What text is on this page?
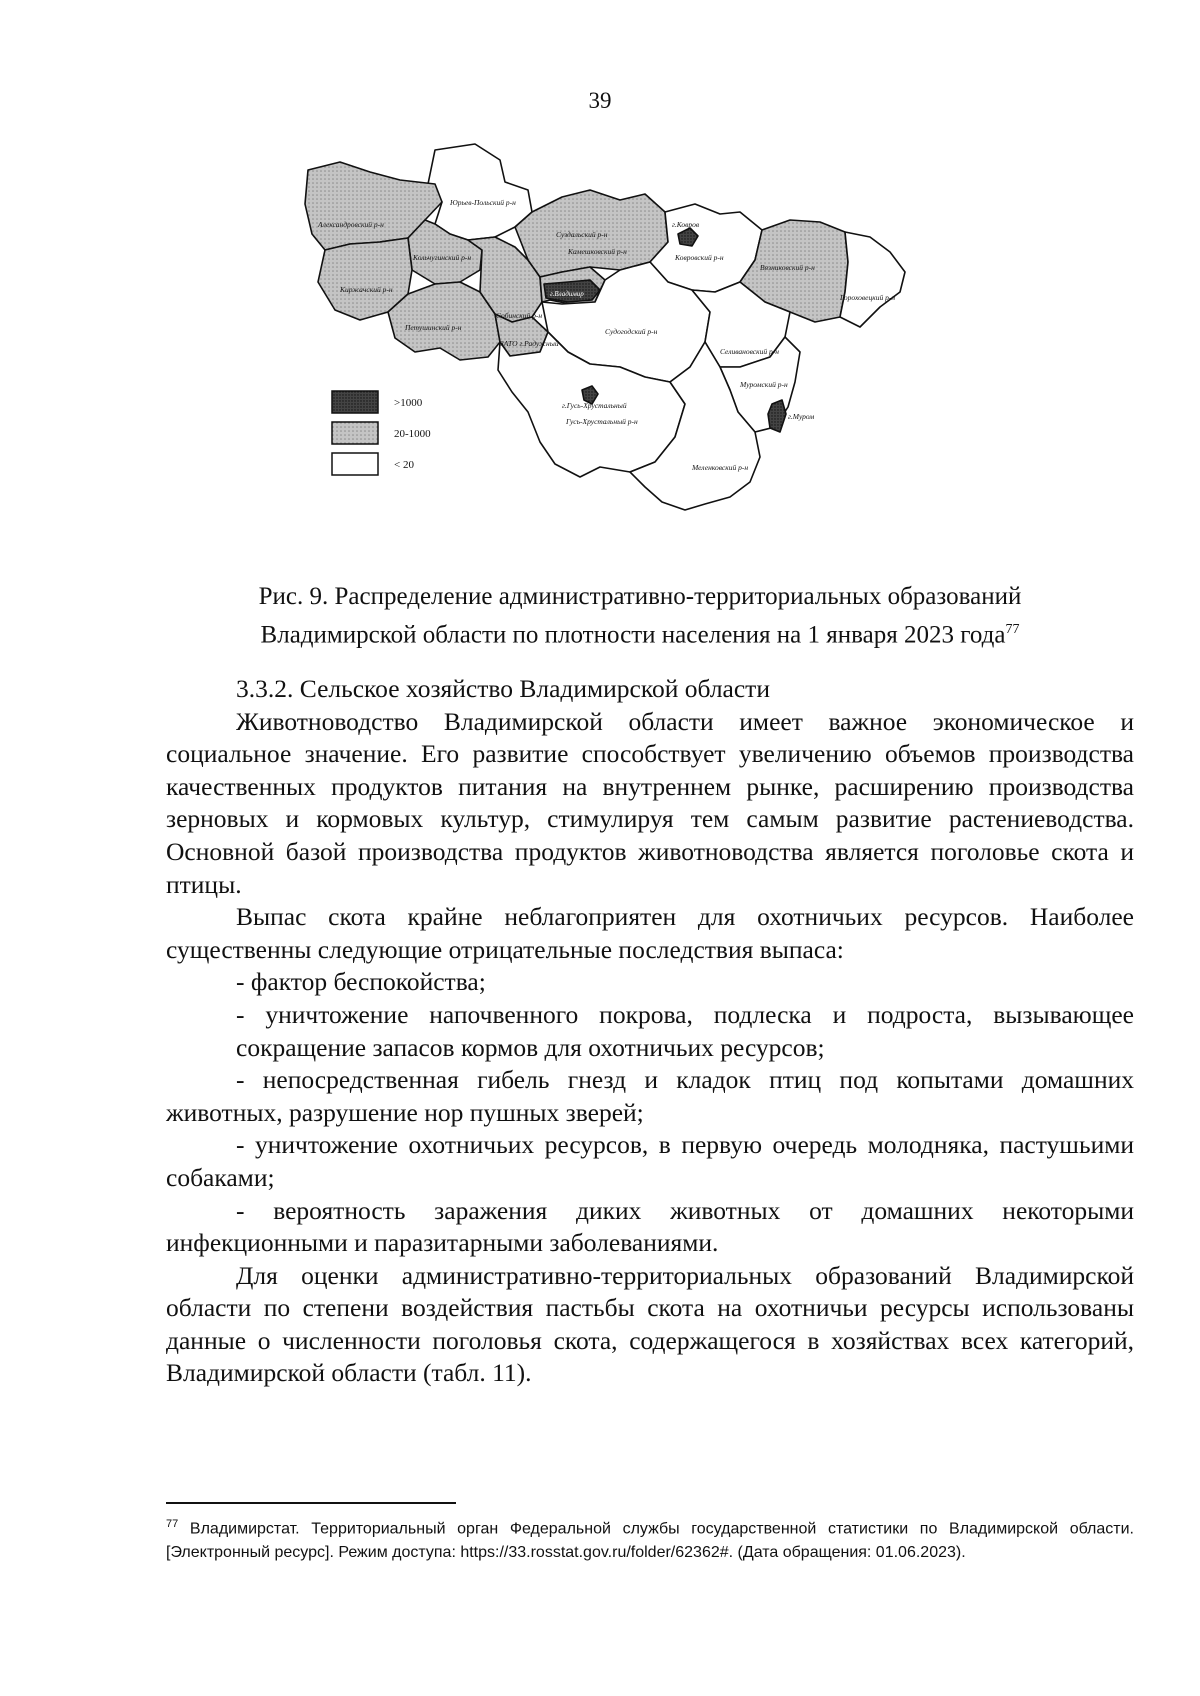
39
Юрьев-Польский р-н
Александровский р-н
Кольчугинский р-н
Киржачский р-н
Петушинский р-н
Собинский р-н
ЗАТО г.Радужный
Суздальский р-н
Камешковский р-н
г.Владимир
г.Ковров
Ковровский р-н
Вязниковский р-н
Гороховецкий р-н
Судогодский р-н
Селивановский р-н
Муромский р-н
г.Муром
г.Гусь-Хрустальный
Гусь-Хрустальный р-н
Меленковский р-н
>1000
20-1000
< 20
Рис. 9. Распределение административно-территориальных образований
Владимирской области по плотности населения на 1 января 2023 года$^{77}$

3.3.2. Сельское хозяйство Владимирской области

Животноводство Владимирской области имеет важное экономическое и социальное значение. Его развитие способствует увеличению объемов производства качественных продуктов питания на внутреннем рынке, расширению производства зерновых и кормовых культур, стимулируя тем самым развитие растениеводства. Основной базой производства продуктов животноводства является поголовье скота и птицы.

Выпас скота крайне неблагоприятен для охотничьих ресурсов. Наиболее существенны следующие отрицательные последствия выпаса:

- фактор беспокойства;

- уничтожение напочвенного покрова, подлеска и подроста, вызывающее сокращение запасов кормов для охотничьих ресурсов;

- непосредственная гибель гнезд и кладок птиц под копытами домашних животных, разрушение нор пушных зверей;

- уничтожение охотничьих ресурсов, в первую очередь молодняка, пастушьими собаками;

- вероятность заражения диких животных от домашних некоторыми инфекционными и паразитарными заболеваниями.

Для оценки административно-территориальных образований Владимирской области по степени воздействия пастьбы скота на охотничьи ресурсы использованы данные о численности поголовья скота, содержащегося в хозяйствах всех категорий, Владимирской области (табл. 11).

$^{77}$ Владимирстат. Территориальный орган Федеральной службы государственной статистики по Владимирской области. [Электронный ресурс]. Режим доступа: https://33.rosstat.gov.ru/folder/62362#. (Дата обращения: 01.06.2023).
